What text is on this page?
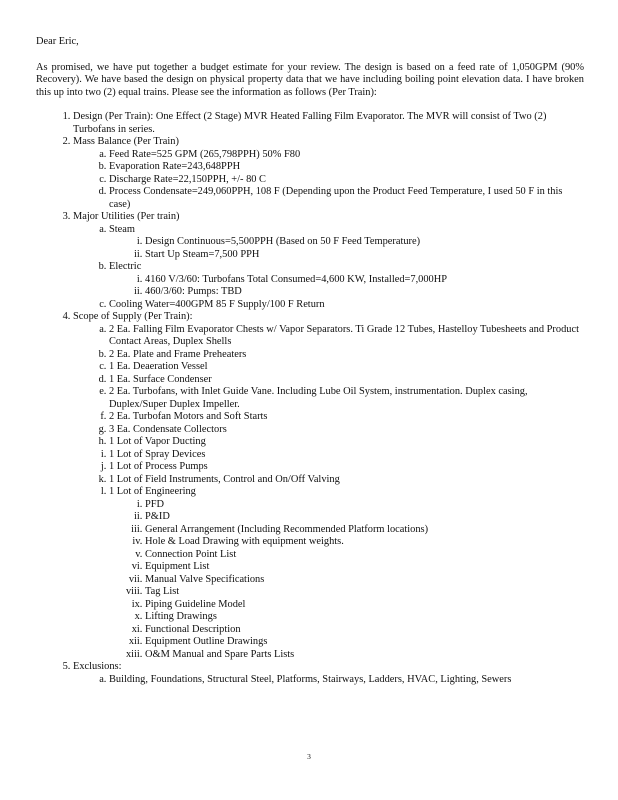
Dear Eric,

As promised, we have put together a budget estimate for your review. The design is based on a feed rate of 1,050GPM (90% Recovery). We have based the design on physical property data that we have including boiling point elevation data. I have broken this up into two (2) equal trains. Please see the information as follows (Per Train):

1. Design (Per Train): One Effect (2 Stage) MVR Heated Falling Film Evaporator. The MVR will consist of Two (2) Turbofans in series.
2. Mass Balance (Per Train)
a. Feed Rate=525 GPM (265,798PPH) 50% F80
b. Evaporation Rate=243,648PPH
c. Discharge Rate=22,150PPH, +/- 80 C
d. Process Condensate=249,060PPH, 108 F (Depending upon the Product Feed Temperature, I used 50 F in this case)
3. Major Utilities (Per train)
a. Steam
i. Design Continuous=5,500PPH (Based on 50 F Feed Temperature)
ii. Start Up Steam=7,500 PPH
b. Electric
i. 4160 V/3/60: Turbofans Total Consumed=4,600 KW, Installed=7,000HP
ii. 460/3/60: Pumps: TBD
c. Cooling Water=400GPM 85 F Supply/100 F Return
4. Scope of Supply (Per Train):
a. 2 Ea. Falling Film Evaporator Chests w/ Vapor Separators. Ti Grade 12 Tubes, Hastelloy Tubesheets and Product Contact Areas, Duplex Shells
b. 2 Ea. Plate and Frame Preheaters
c. 1 Ea. Deaeration Vessel
d. 1 Ea. Surface Condenser
e. 2 Ea. Turbofans, with Inlet Guide Vane. Including Lube Oil System, instrumentation. Duplex casing, Duplex/Super Duplex Impeller.
f. 2 Ea. Turbofan Motors and Soft Starts
g. 3 Ea. Condensate Collectors
h. 1 Lot of Vapor Ducting
i. 1 Lot of Spray Devices
j. 1 Lot of Process Pumps
k. 1 Lot of Field Instruments, Control and On/Off Valving
l. 1 Lot of Engineering
i. PFD
ii. P&ID
iii. General Arrangement (Including Recommended Platform locations)
iv. Hole & Load Drawing with equipment weights.
v. Connection Point List
vi. Equipment List
vii. Manual Valve Specifications
viii. Tag List
ix. Piping Guideline Model
x. Lifting Drawings
xi. Functional Description
xii. Equipment Outline Drawings
xiii. O&M Manual and Spare Parts Lists
5. Exclusions:
a. Building, Foundations, Structural Steel, Platforms, Stairways, Ladders, HVAC, Lighting, Sewers
3
